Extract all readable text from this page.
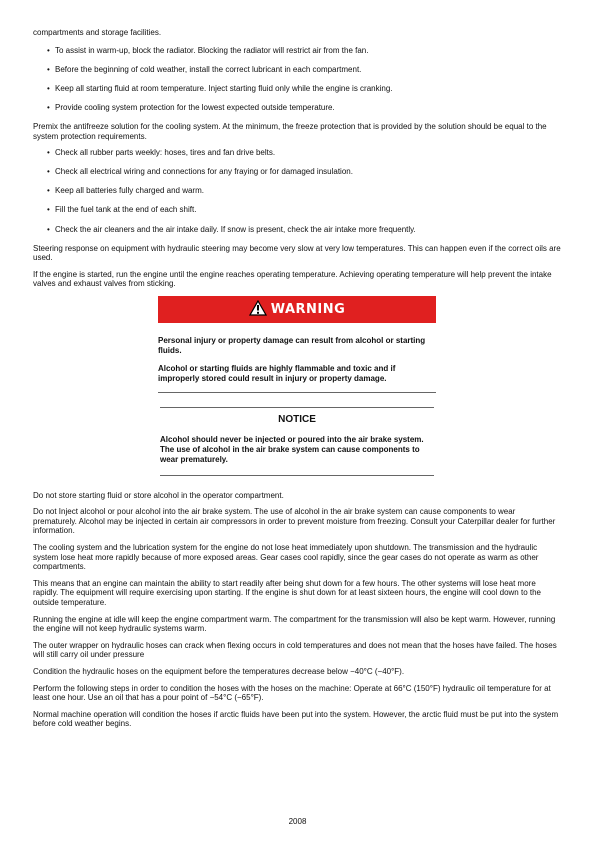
compartments and storage facilities.

• To assist in warm-up, block the radiator. Blocking the radiator will restrict air from the fan.
• Before the beginning of cold weather, install the correct lubricant in each compartment.
• Keep all starting fluid at room temperature. Inject starting fluid only while the engine is cranking.
• Provide cooling system protection for the lowest expected outside temperature.

Premix the antifreeze solution for the cooling system. At the minimum, the freeze protection that is provided by the solution should be equal to the system protection requirements.

• Check all rubber parts weekly: hoses, tires and fan drive belts.
• Check all electrical wiring and connections for any fraying or for damaged insulation.
• Keep all batteries fully charged and warm.
• Fill the fuel tank at the end of each shift.
• Check the air cleaners and the air intake daily. If snow is present, check the air intake more frequently.

Steering response on equipment with hydraulic steering may become very slow at very low temperatures. This can happen even if the correct oils are used.

If the engine is started, run the engine until the engine reaches operating temperature. Achieving operating temperature will help prevent the intake valves and exhaust valves from sticking.

WARNING

Personal injury or property damage can result from alcohol or starting fluids.

Alcohol or starting fluids are highly flammable and toxic and if improperly stored could result in injury or property damage.

NOTICE
Alcohol should never be injected or poured into the air brake system. The use of alcohol in the air brake system can cause components to wear prematurely.

Do not store starting fluid or store alcohol in the operator compartment.

Do not Inject alcohol or pour alcohol into the air brake system. The use of alcohol in the air brake system can cause components to wear prematurely. Alcohol may be injected in certain air compressors in order to prevent moisture from freezing. Consult your Caterpillar dealer for further information.

The cooling system and the lubrication system for the engine do not lose heat immediately upon shutdown. The transmission and the hydraulic system lose heat more rapidly because of more exposed areas. Gear cases cool rapidly, since the gear cases do not operate as warm as other compartments.

This means that an engine can maintain the ability to start readily after being shut down for a few hours. The other systems will lose heat more rapidly. The equipment will require exercising upon starting. If the engine is shut down for at least sixteen hours, the engine will cool down to the outside temperature.

Running the engine at idle will keep the engine compartment warm. The compartment for the transmission will also be kept warm. However, running the engine will not keep hydraulic systems warm.

The outer wrapper on hydraulic hoses can crack when flexing occurs in cold temperatures and does not mean that the hoses have failed. The hoses will still carry oil under pressure

Condition the hydraulic hoses on the equipment before the temperatures decrease below −40°C (−40°F).

Perform the following steps in order to condition the hoses with the hoses on the machine: Operate at 66°C (150°F) hydraulic oil temperature for at least one hour. Use an oil that has a pour point of −54°C (−65°F).

Normal machine operation will condition the hoses if arctic fluids have been put into the system. However, the arctic fluid must be put into the system before cold weather begins.

2008
